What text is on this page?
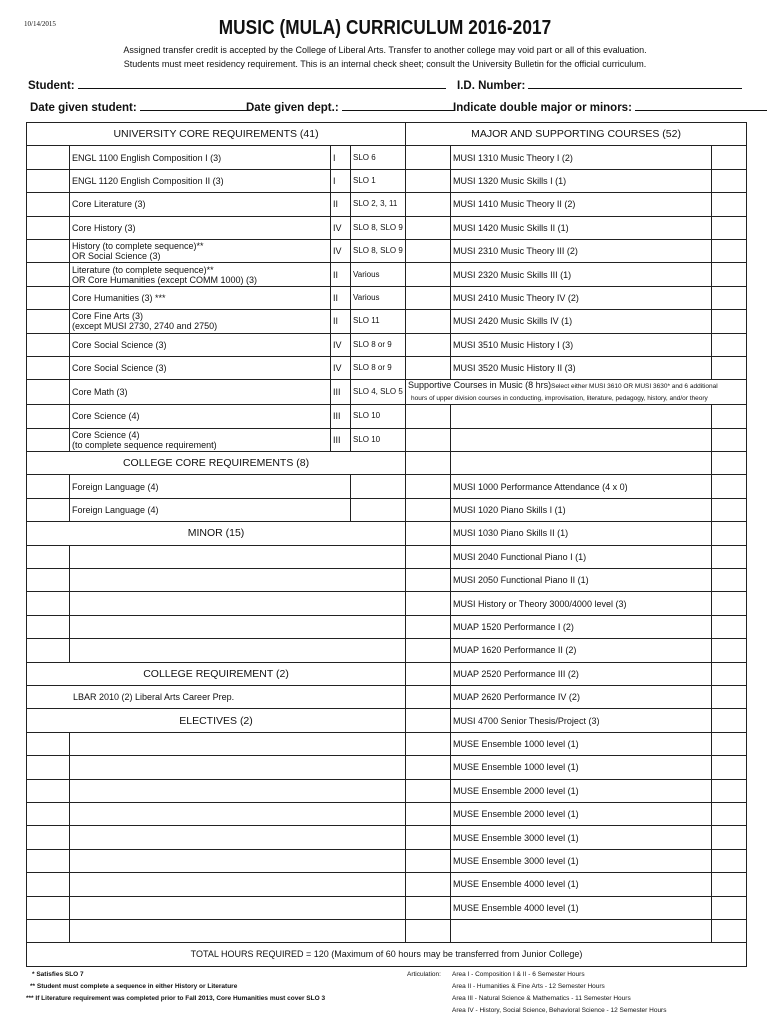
10/14/2015	MUSIC (MULA) CURRICULUM 2016-2017
Assigned transfer credit is accepted by the College of Liberal Arts. Transfer to another college may void part or all of this evaluation.
Students must meet residency requirement. This is an internal check sheet; consult the University Bulletin for the official curriculum.
Student:	I.D. Number:
Date given student:	Date given dept.:	Indicate double major or minors:
UNIVERSITY CORE REQUIREMENTS (41)				MAJOR AND SUPPORTING COURSES (52)		
	ENGL 1100 English Composition I (3)	I	SLO 6		MUSI 1310 Music Theory I (2)	
	ENGL 1120 English Composition II (3)	I	SLO 1		MUSI 1320 Music Skills I (1)	
	Core Literature (3)	II	SLO 2, 3, 11		MUSI 1410 Music Theory II (2)	
	Core History (3)	IV	SLO 8, SLO 9		MUSI 1420 Music Skills II (1)	
	History (to complete sequence)**
OR Social Science (3)	IV	SLO 8, SLO 9		MUSI 2310 Music Theory III (2)	
	Literature (to complete sequence)**
OR Core Humanities (except COMM 1000) (3)	II	Various		MUSI 2320 Music Skills III (1)	
	Core Humanities (3) ***	II	Various		MUSI 2410 Music Theory IV (2)	
	Core Fine Arts (3)
(except MUSI 2730, 2740 and 2750)	II	SLO 11		MUSI 2420 Music Skills IV (1)	
	Core Social Science (3)	IV	SLO 8 or 9		MUSI 3510 Music History I (3)	
	Core Social Science (3)	IV	SLO 8 or 9		MUSI 3520 Music History II (3)	
	Core Math (3)	III	SLO 4, SLO 5	Supportive Courses in Music (8 hrs)Select either MUSI 3610 OR MUSI 3630* and 6 additional
hours of upper division courses in conducting, improvisation, literature, pedagogy, history, and/or theory		
	Core Science (4)	III	SLO 10			
	Core Science (4)
(to complete sequence requirement)	III	SLO 10			
COLLEGE CORE REQUIREMENTS (8)						
	Foreign Language (4)				MUSI 1000 Performance Attendance (4 x 0)	
	Foreign Language (4)				MUSI 1020 Piano Skills I (1)	
MINOR (15)					MUSI 1030 Piano Skills II (1)	
					MUSI 2040 Functional Piano I (1)	
					MUSI 2050 Functional Piano II (1)	
					MUSI History or Theory 3000/4000 level (3)	
					MUAP 1520 Performance I (2)	
					MUAP 1620 Performance II (2)	
COLLEGE REQUIREMENT (2)					MUAP 2520 Performance III (2)	
LBAR 2010 (2) Liberal Arts Career Prep.					MUAP 2620 Performance IV (2)	
ELECTIVES (2)					MUSI 4700 Senior Thesis/Project (3)	
					MUSE Ensemble 1000 level (1)	
					MUSE Ensemble 1000 level (1)	
					MUSE Ensemble 2000 level (1)	
					MUSE Ensemble 2000 level (1)	
					MUSE Ensemble 3000 level (1)	
					MUSE Ensemble 3000 level (1)	
					MUSE Ensemble 4000 level (1)	
					MUSE Ensemble 4000 level (1)	

TOTAL HOURS REQUIRED = 120 (Maximum of 60 hours may be transferred from Junior College)						
* Satisfies SLO 7
** Student must complete a sequence in either History or Literature
*** If Literature requirement was completed prior to Fall 2013, Core Humanities must cover SLO 3
Articulation: Area I - Composition I & II - 6 Semester Hours
Area II - Humanities & Fine Arts - 12 Semester Hours
Area III - Natural Science & Mathematics - 11 Semester Hours
Area IV - History, Social Science, Behavioral Science - 12 Semester Hours
